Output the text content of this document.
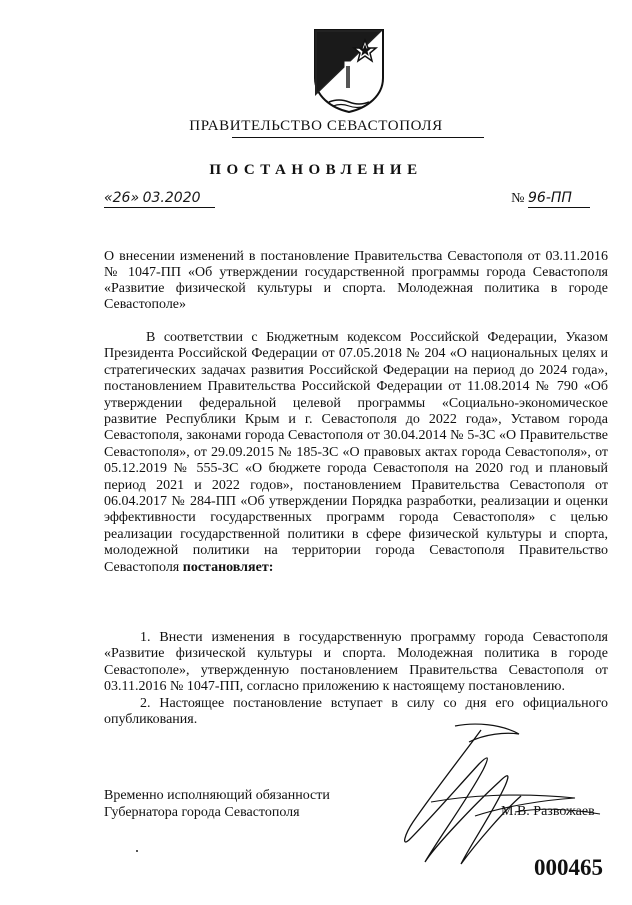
ПРАВИТЕЛЬСТВО СЕВАСТОПОЛЯ
ПОСТАНОВЛЕНИЕ
«26» 03.2020	№ 96-ПП
О внесении изменений в постановление Правительства Севастополя от 03.11.2016 № 1047-ПП «Об утверждении государственной программы города Севастополя «Развитие физической культуры и спорта. Молодежная политика в городе Севастополе»

В соответствии с Бюджетным кодексом Российской Федерации, Указом Президента Российской Федерации от 07.05.2018 № 204 «О национальных целях и стратегических задачах развития Российской Федерации на период до 2024 года», постановлением Правительства Российской Федерации от 11.08.2014 № 790 «Об утверждении федеральной целевой программы «Социально-экономическое развитие Республики Крым и г. Севастополя до 2022 года», Уставом города Севастополя, законами города Севастополя от 30.04.2014 № 5-ЗС «О Правительстве Севастополя», от 29.09.2015 № 185-ЗС «О правовых актах города Севастополя», от 05.12.2019 № 555-ЗС «О бюджете города Севастополя на 2020 год и плановый период 2021 и 2022 годов», постановлением Правительства Севастополя от 06.04.2017 № 284-ПП «Об утверждении Порядка разработки, реализации и оценки эффективности государственных программ города Севастополя» с целью реализации государственной политики в сфере физической культуры и спорта, молодежной политики на территории города Севастополя Правительство Севастополя постановляет:

1. Внести изменения в государственную программу города Севастополя «Развитие физической культуры и спорта. Молодежная политика в городе Севастополе», утвержденную постановлением Правительства Севастополя от 03.11.2016 № 1047-ПП, согласно приложению к настоящему постановлению.

2. Настоящее постановление вступает в силу со дня его официального опубликования.

Временно исполняющий обязанности
Губернатора города Севастополя	М.В. Развожаев
000465
